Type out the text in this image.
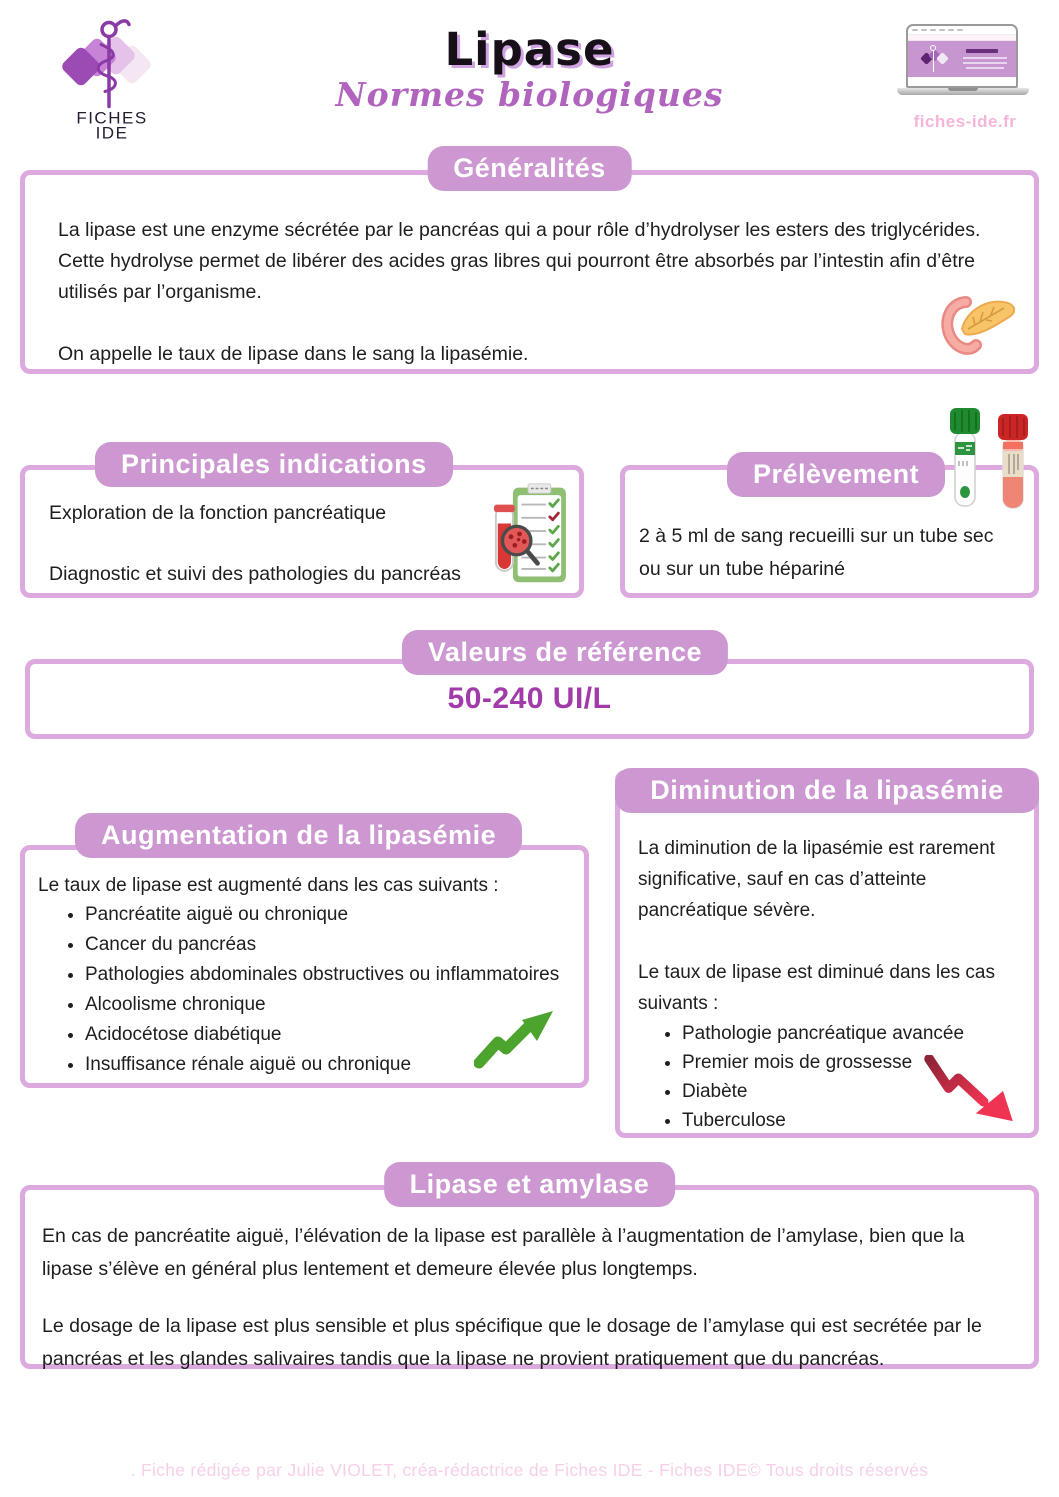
FICHES
IDE
Lipase
Normes biologiques
fiches-ide.fr
Généralités

La lipase est une enzyme sécrétée par le pancréas qui a pour rôle d’hydrolyser les esters des triglycérides. Cette hydrolyse permet de libérer des acides gras libres qui pourront être absorbés par l’intestin afin d’être utilisés par l’organisme.

On appelle le taux de lipase dans le sang la lipasémie.

Principales indications

Exploration de la fonction pancréatique

Diagnostic et suivi des pathologies du pancréas

Prélèvement

2 à 5 ml de sang recueilli sur un tube sec ou sur un tube hépariné

Valeurs de référence
50-240 UI/L
Augmentation de la lipasémie

Le taux de lipase est augmenté dans les cas suivants :

• Pancréatite aiguë ou chronique
• Cancer du pancréas
• Pathologies abdominales obstructives ou inflammatoires
• Alcoolisme chronique
• Acidocétose diabétique
• Insuffisance rénale aiguë ou chronique
Diminution de la lipasémie

La diminution de la lipasémie est rarement significative, sauf en cas d’atteinte pancréatique sévère.

Le taux de lipase est diminué dans les cas suivants :

• Pathologie pancréatique avancée
• Premier mois de grossesse
• Diabète
• Tuberculose
Lipase et amylase

En cas de pancréatite aiguë, l’élévation de la lipase est parallèle à l’augmentation de l’amylase, bien que la lipase s’élève en général plus lentement et demeure élevée plus longtemps.

Le dosage de la lipase est plus sensible et plus spécifique que le dosage de l’amylase qui est secrétée par le pancréas et les glandes salivaires tandis que la lipase ne provient pratiquement que du pancréas.

. Fiche rédigée par Julie VIOLET, créa-rédactrice de Fiches IDE - Fiches IDE© Tous droits réservés
